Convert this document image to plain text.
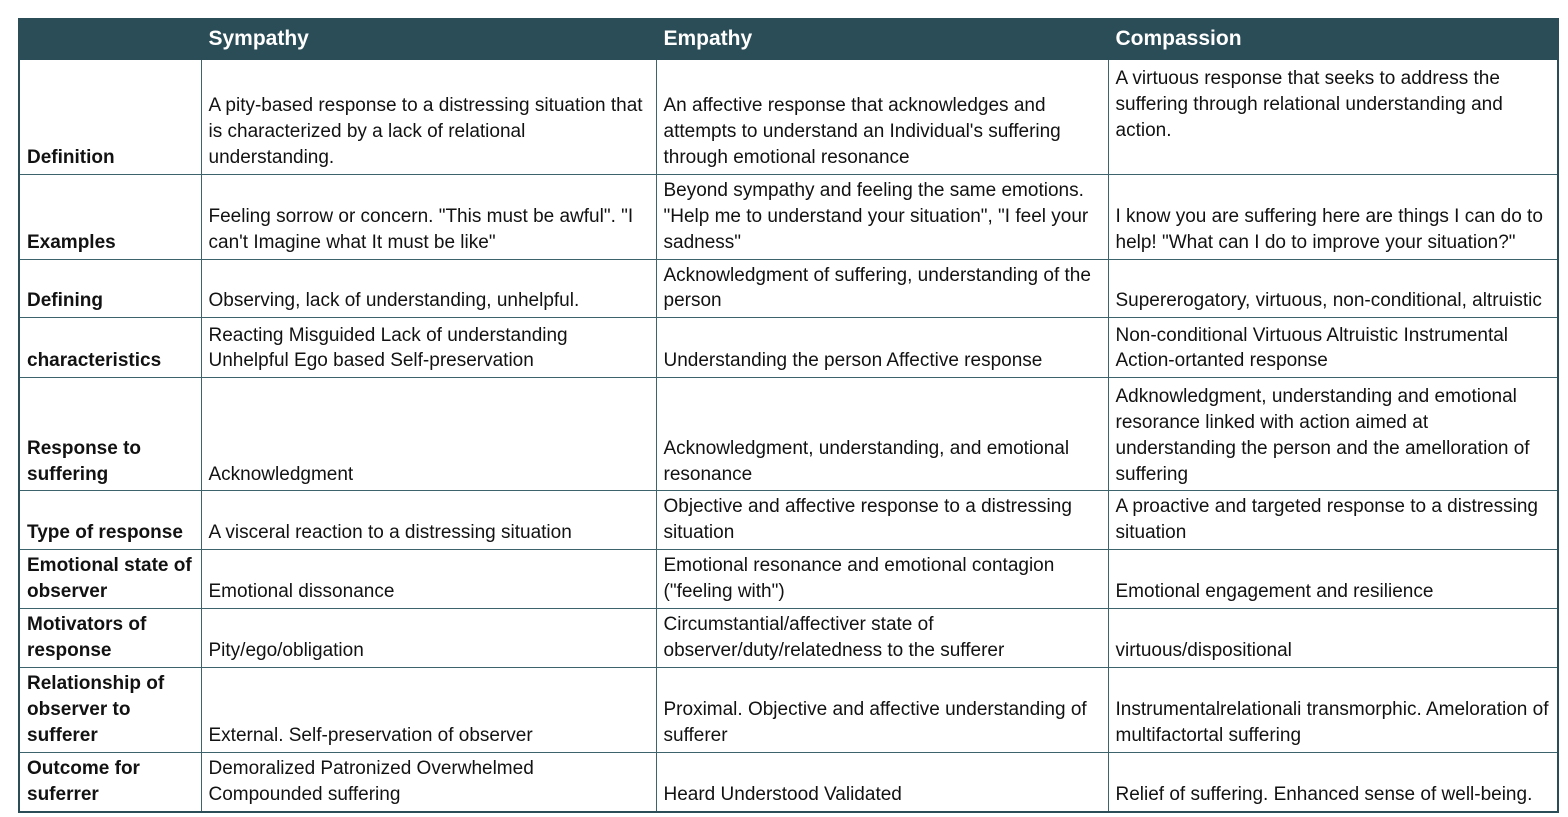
	Sympathy	Empathy	Compassion
Definition	A pity-based response to a distressing situation that is characterized by a lack of relational understanding.	An affective response that acknowledges and attempts to understand an Individual's suffering through emotional resonance	A virtuous response that seeks to address the suffering through relational understanding and action.
Examples	Feeling sorrow or concern. "This must be awful". "I can't Imagine what It must be like"	Beyond sympathy and feeling the same emotions. "Help me to understand your situation", "I feel your sadness"	I know you are suffering here are things I can do to help! "What can I do to improve your situation?"
Defining	Observing, lack of understanding, unhelpful.	Acknowledgment of suffering, understanding of the person	Supererogatory, virtuous, non-conditional, altruistic
characteristics	Reacting Misguided Lack of understanding Unhelpful Ego based Self-preservation	Understanding the person Affective response	Non-conditional Virtuous Altruistic Instrumental Action-ortanted response
Response to suffering	Acknowledgment	Acknowledgment, understanding, and emotional resonance	Adknowledgment, understanding and emotional resorance linked with action aimed at understanding the person and the amelloration of suffering
Type of response	A visceral reaction to a distressing situation	Objective and affective response to a distressing situation	A proactive and targeted response to a distressing situation
Emotional state of observer	Emotional dissonance	Emotional resonance and emotional contagion ("feeling with")	Emotional engagement and resilience
Motivators of response	Pity/ego/obligation	Circumstantial/affectiver state of observer/duty/relatedness to the sufferer	virtuous/dispositional
Relationship of observer to sufferer	External. Self-preservation of observer	Proximal. Objective and affective understanding of sufferer	Instrumentalrelationali transmorphic. Ameloration of multifactortal suffering
Outcome for suferrer	Demoralized Patronized Overwhelmed Compounded suffering	Heard Understood Validated	Relief of suffering. Enhanced sense of well-being.
